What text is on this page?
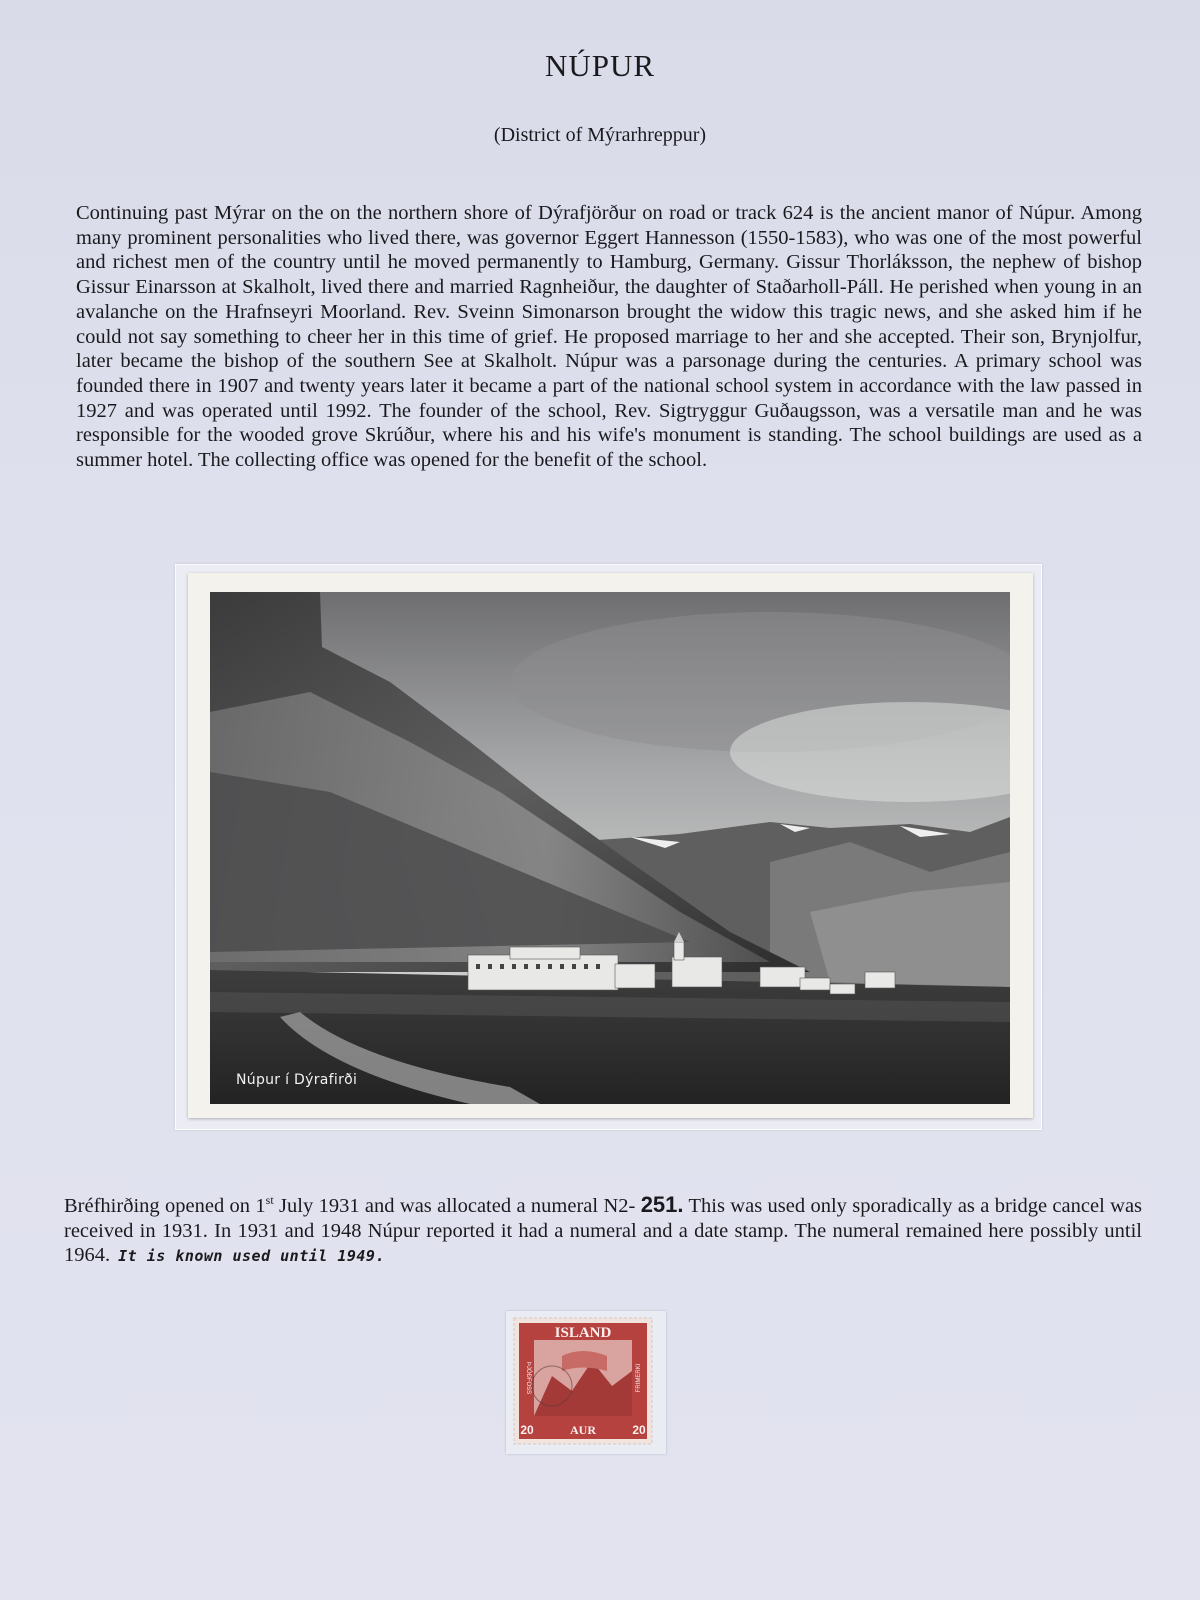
NÚPUR
(District of Mýrarhreppur)

Continuing past Mýrar on the on the northern shore of Dýrafjörður on road or track 624 is the ancient manor of Núpur. Among many prominent personalities who lived there, was governor Eggert Hannesson (1550-1583), who was one of the most powerful and richest men of the country until he moved permanently to Hamburg, Germany. Gissur Thorláksson, the nephew of bishop Gissur Einarsson at Skalholt, lived there and married Ragnheiður, the daughter of Staðarholl-Páll. He perished when young in an avalanche on the Hrafnseyri Moorland. Rev. Sveinn Simonarson brought the widow this tragic news, and she asked him if he could not say something to cheer her in this time of grief. He proposed marriage to her and she accepted. Their son, Brynjolfur, later became the bishop of the southern See at Skalholt. Núpur was a parsonage during the centuries. A primary school was founded there in 1907 and twenty years later it became a part of the national school system in accordance with the law passed in 1927 and was operated until 1992. The founder of the school, Rev. Sigtryggur Guðaugsson, was a versatile man and he was responsible for the wooded grove Skrúður, where his and his wife's monument is standing. The school buildings are used as a summer hotel. The collecting office was opened for the benefit of the school.

Núpur í Dýrafirði

Bréfhirðing opened on 1st July 1931 and was allocated a numeral N2- 251. This was used only sporadically as a bridge cancel was received in 1931. In 1931 and 1948 Núpur reported it had a numeral and a date stamp. The numeral remained here possibly until 1964. It is known used until 1949.

ISLAND
20	20
AUR
ÞJÓÐFOSS	FRIMERKI
